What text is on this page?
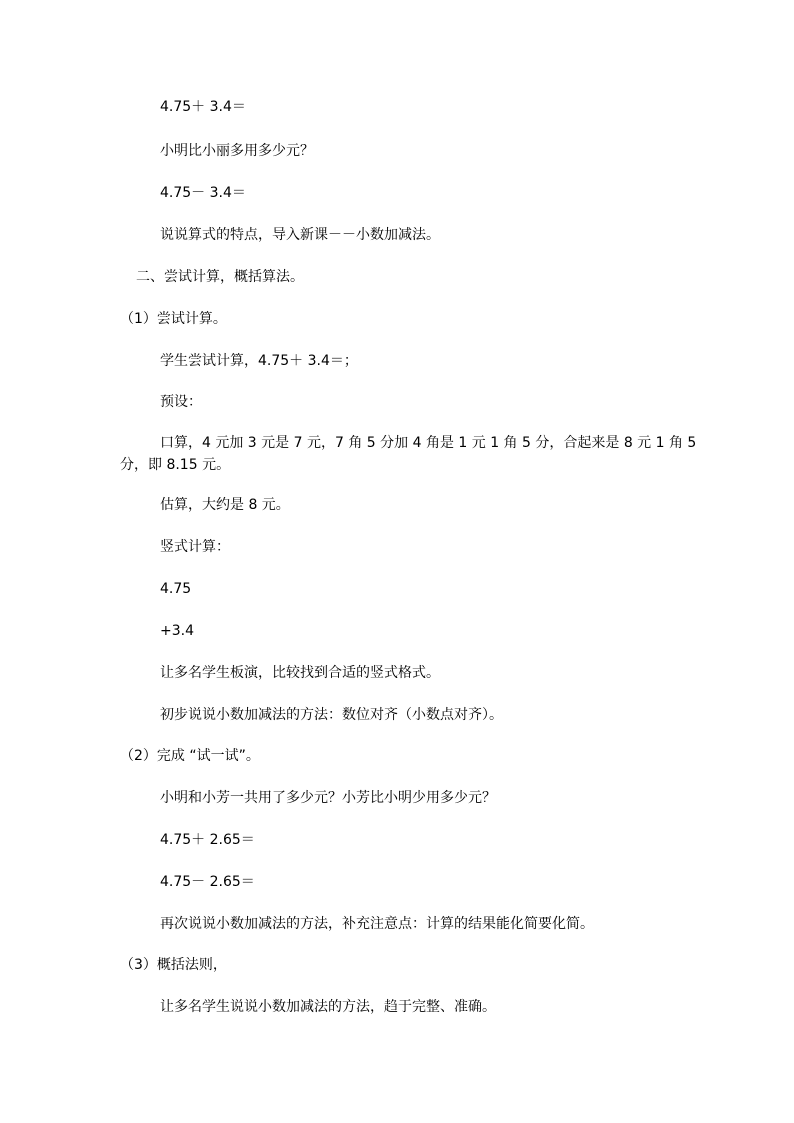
4.75＋ 3.4＝
小明比小丽多用多少元？
4.75－ 3.4＝
说说算式的特点，导入新课－－小数加减法。
二、尝试计算，概括算法。
（1）尝试计算。
学生尝试计算，4.75＋ 3.4＝；
预设：
口算，4 元加 3 元是 7 元，7 角 5 分加 4 角是 1 元 1 角 5 分，合起来是 8 元 1 角 5 分，即 8.15 元。
估算，大约是 8 元。
竖式计算：
4.75
+3.4
让多名学生板演，比较找到合适的竖式格式。
初步说说小数加减法的方法：数位对齐（小数点对齐）。
（2）完成 “试一试”。
小明和小芳一共用了多少元？小芳比小明少用多少元？
4.75＋ 2.65＝
4.75－ 2.65＝
再次说说小数加减法的方法，补充注意点：计算的结果能化简要化简。
（3）概括法则，
让多名学生说说小数加减法的方法，趋于完整、准确。
